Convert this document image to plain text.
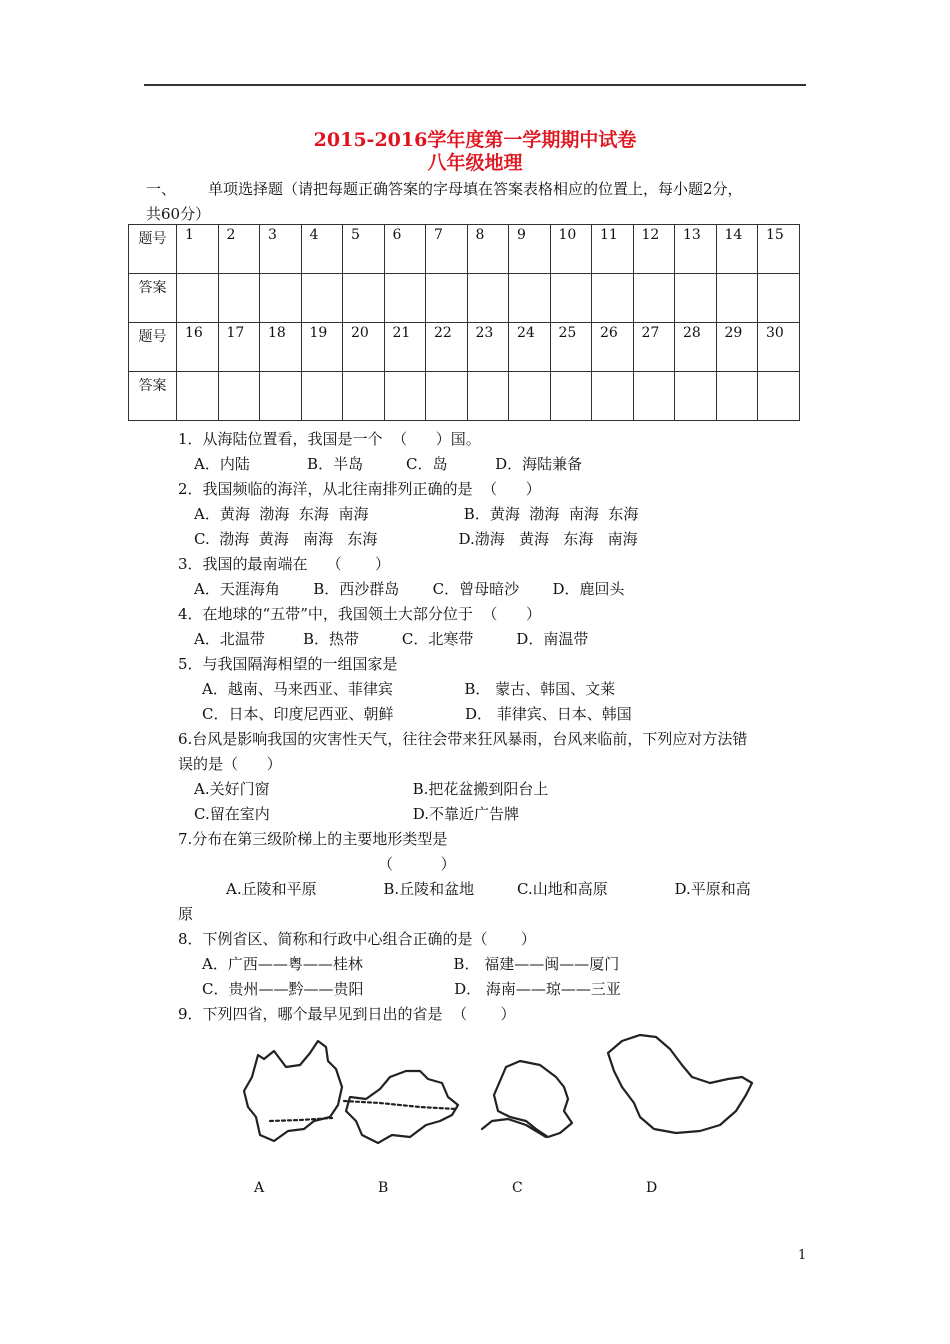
2015-2016学年度第一学期期中试卷
八年级地理
一、 单项选择题（请把每题正确答案的字母填在答案表格相应的位置上，每小题2分，
共60分）
题号	1	2	3	4	5	6	7	8	9	10	11	12	13	14	15
答案															
题号	16	17	18	19	20	21	22	23	24	25	26	27	28	29	30
答案															
1．从海陆位置看，我国是一个  （      ）国。
A．内陆            B．半岛         C．岛          D．海陆兼备
2．我国频临的海洋，从北往南排列正确的是  （      ）
A．黄海  渤海  东海  南海                    B．黄海  渤海  南海  东海
C.  渤海  黄海   南海   东海                 D.渤海   黄海   东海   南海
3．我国的最南端在    （       ）
A．天涯海角       B．西沙群岛       C．曾母暗沙       D．鹿回头
4．在地球的“五带”中，我国领土大部分位于  （      ）
A．北温带        B．热带         C．北寒带         D．南温带
5．与我国隔海相望的一组国家是
A．越南、马来西亚、菲律宾               B． 蒙古、韩国、文莱
C．日本、印度尼西亚、朝鲜               D． 菲律宾、日本、韩国
6.台风是影响我国的灾害性天气，往往会带来狂风暴雨，台风来临前，下列应对方法错
误的是（      ）
A.关好门窗                              B.把花盆搬到阳台上
C.留在室内                              D.不靠近广告牌
7.分布在第三级阶梯上的主要地形类型是
（          ）
A.丘陵和平原              B.丘陵和盆地         C.山地和高原              D.平原和高
原
8．下例省区、简称和行政中心组合正确的是（       ）
A．广西——粤——桂林                   B． 福建——闽——厦门
C．贵州——黔——贵阳                   D． 海南——琼——三亚
9．下列四省，哪个最早见到日出的省是  （       ）
A	B	C	D
1
